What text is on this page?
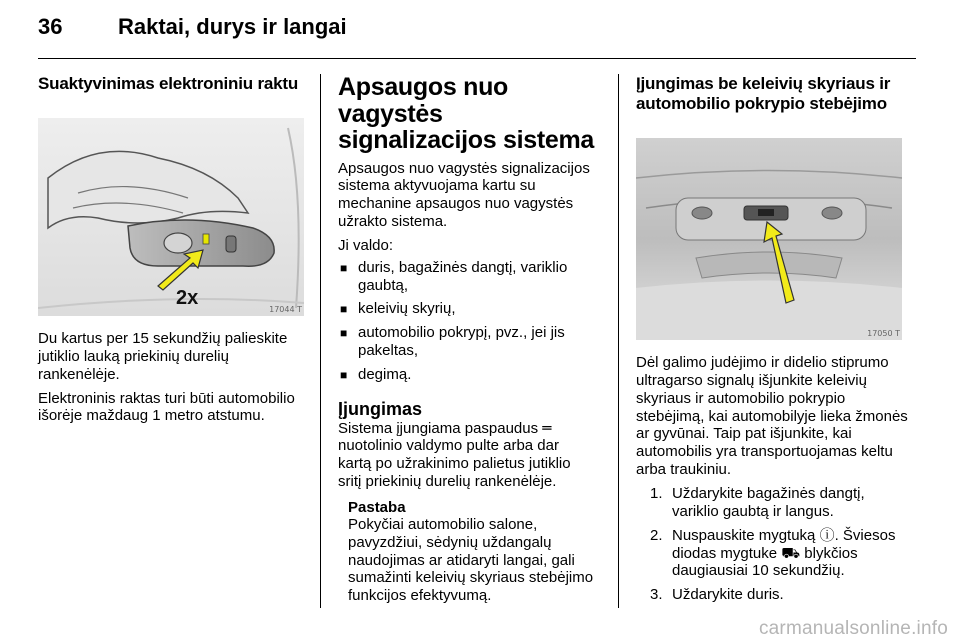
36	Raktai, durys ir langai
Suaktyvinimas elektroniniu raktu
2x
17044 T

Du kartus per 15 sekundžių palieskite jutiklio lauką priekinių durelių rankenėlėje.

Elektroninis raktas turi būti automobilio išorėje maždaug 1 metro atstumu.

Apsaugos nuo vagystės signalizacijos sistema

Apsaugos nuo vagystės signalizacijos sistema aktyvuojama kartu su mechanine apsaugos nuo vagystės užrakto sistema.

Ji valdo:

■ duris, bagažinės dangtį, variklio gaubtą,
■ keleivių skyrių,
■ automobilio pokrypį, pvz., jei jis pakeltas,
■ degimą.
Įjungimas

Sistema įjungiama paspaudus ═ nuotolinio valdymo pulte arba dar kartą po užrakinimo palietus jutiklio sritį priekinių durelių rankenėlėje.

Pastaba

Pokyčiai automobilio salone, pavyzdžiui, sėdynių uždangalų naudojimas ar atidaryti langai, gali sumažinti keleivių skyriaus stebėjimo funkcijos efektyvumą.

Įjungimas be keleivių skyriaus ir automobilio pokrypio stebėjimo
17050 T

Dėl galimo judėjimo ir didelio stiprumo ultragarso signalų išjunkite keleivių skyriaus ir automobilio pokrypio stebėjimą, kai automobilyje lieka žmonės ar gyvūnai. Taip pat išjunkite, kai automobilis yra transportuojamas keltu arba traukiniu.

1. Uždarykite bagažinės dangtį, variklio gaubtą ir langus.
2. Nuspauskite mygtuką ⓘ. Šviesos diodas mygtuke ⛟ blykčios daugiausiai 10 sekundžių.
3. Uždarykite duris.
carmanualsonline.info
